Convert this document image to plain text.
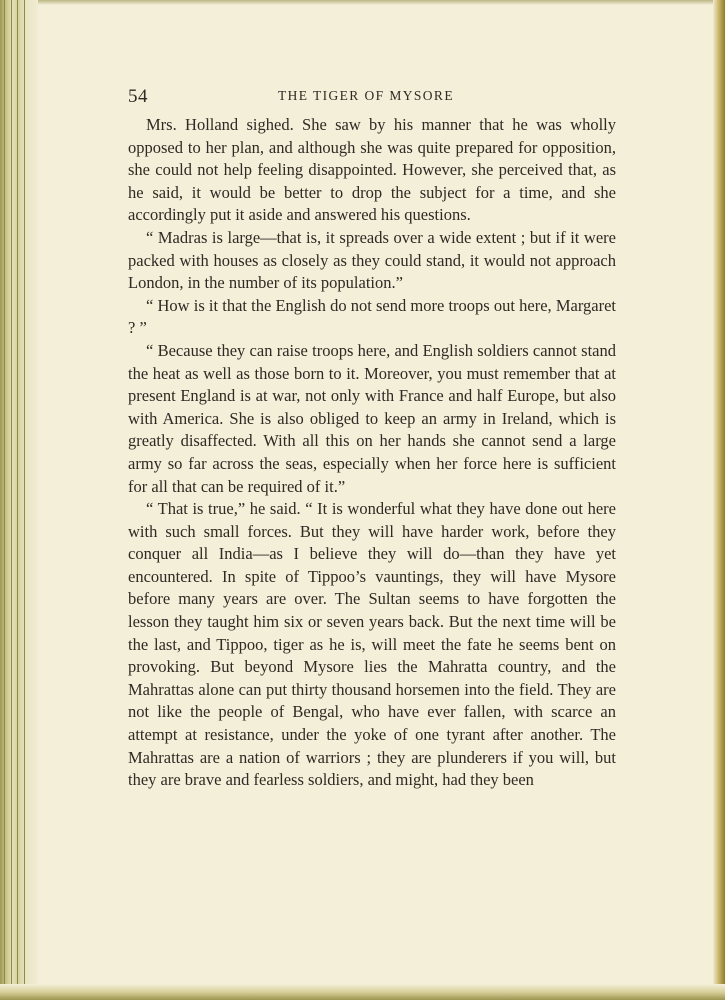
54	THE TIGER OF MYSORE

Mrs. Holland sighed. She saw by his manner that he was wholly opposed to her plan, and although she was quite prepared for opposition, she could not help feeling disappointed. However, she perceived that, as he said, it would be better to drop the subject for a time, and she accordingly put it aside and answered his questions.

“ Madras is large—that is, it spreads over a wide extent ; but if it were packed with houses as closely as they could stand, it would not approach London, in the number of its population.”

“ How is it that the English do not send more troops out here, Margaret ? ”

“ Because they can raise troops here, and English soldiers cannot stand the heat as well as those born to it. Moreover, you must remember that at present England is at war, not only with France and half Europe, but also with America. She is also obliged to keep an army in Ireland, which is greatly disaffected. With all this on her hands she cannot send a large army so far across the seas, especially when her force here is sufficient for all that can be required of it.”

“ That is true,” he said. “ It is wonderful what they have done out here with such small forces. But they will have harder work, before they conquer all India—as I believe they will do—than they have yet encountered. In spite of Tippoo’s vauntings, they will have Mysore before many years are over. The Sultan seems to have forgotten the lesson they taught him six or seven years back. But the next time will be the last, and Tippoo, tiger as he is, will meet the fate he seems bent on provoking. But beyond Mysore lies the Mahratta country, and the Mahrattas alone can put thirty thousand horsemen into the field. They are not like the people of Bengal, who have ever fallen, with scarce an attempt at resistance, under the yoke of one tyrant after another. The Mahrattas are a nation of warriors ; they are plunderers if you will, but they are brave and fearless soldiers, and might, had they been
